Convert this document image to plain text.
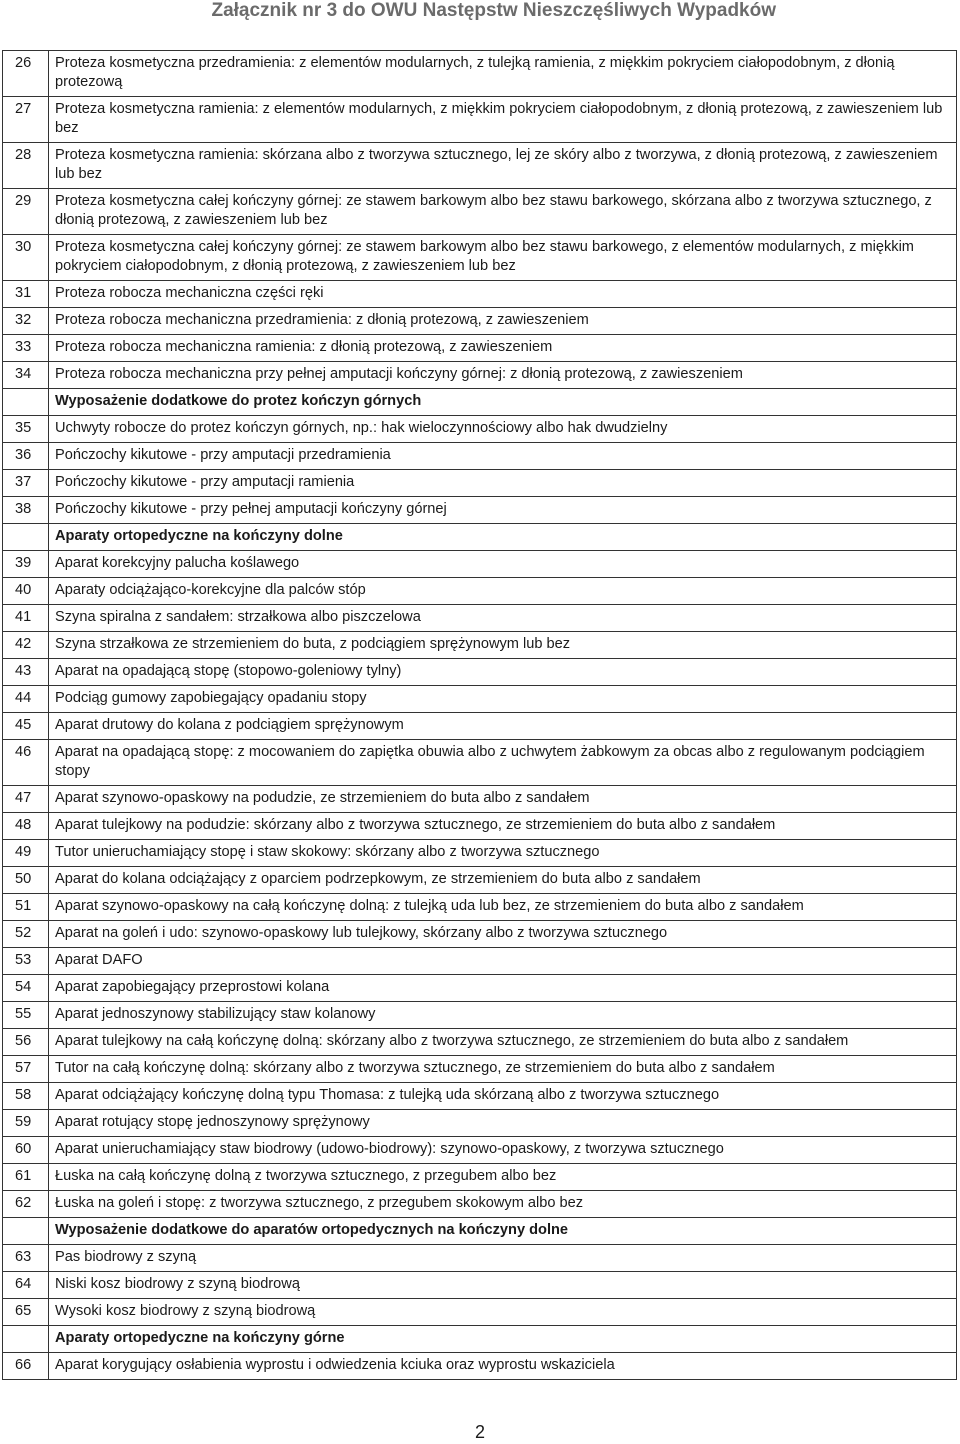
Załącznik nr 3 do OWU Następstw Nieszczęśliwych Wypadków
26	Proteza kosmetyczna przedramienia: z elementów modularnych, z tulejką ramienia, z miękkim pokryciem ciałopodobnym, z dłonią protezową
27	Proteza kosmetyczna ramienia: z elementów modularnych, z miękkim pokryciem ciałopodobnym, z dłonią protezową, z zawieszeniem lub bez
28	Proteza kosmetyczna ramienia: skórzana albo z tworzywa sztucznego, lej ze skóry albo z tworzywa, z dłonią protezową, z zawieszeniem lub bez
29	Proteza kosmetyczna całej kończyny górnej: ze stawem barkowym albo bez stawu barkowego, skórzana albo z tworzywa sztucznego, z dłonią protezową, z zawieszeniem lub bez
30	Proteza kosmetyczna całej kończyny górnej: ze stawem barkowym albo bez stawu barkowego, z elementów modularnych, z miękkim pokryciem ciałopodobnym, z dłonią protezową, z zawieszeniem lub bez
31	Proteza robocza mechaniczna części ręki
32	Proteza robocza mechaniczna przedramienia: z dłonią protezową, z zawieszeniem
33	Proteza robocza mechaniczna ramienia: z dłonią protezową, z zawieszeniem
34	Proteza robocza mechaniczna przy pełnej amputacji kończyny górnej: z dłonią protezową, z zawieszeniem
	Wyposażenie dodatkowe do protez kończyn górnych
35	Uchwyty robocze do protez kończyn górnych, np.: hak wieloczynnościowy albo hak dwudzielny
36	Pończochy kikutowe - przy amputacji przedramienia
37	Pończochy kikutowe - przy amputacji ramienia
38	Pończochy kikutowe - przy pełnej amputacji kończyny górnej
	Aparaty ortopedyczne na kończyny dolne
39	Aparat korekcyjny palucha koślawego
40	Aparaty odciążająco-korekcyjne dla palców stóp
41	Szyna spiralna z sandałem: strzałkowa albo piszczelowa
42	Szyna strzałkowa ze strzemieniem do buta, z podciągiem sprężynowym lub bez
43	Aparat na opadającą stopę (stopowo-goleniowy tylny)
44	Podciąg gumowy zapobiegający opadaniu stopy
45	Aparat drutowy do kolana z podciągiem sprężynowym
46	Aparat na opadającą stopę: z mocowaniem do zapiętka obuwia albo z uchwytem żabkowym za obcas albo z regulowanym podciągiem stopy
47	Aparat szynowo-opaskowy na podudzie, ze strzemieniem do buta albo z sandałem
48	Aparat tulejkowy na podudzie: skórzany albo z tworzywa sztucznego, ze strzemieniem do buta albo z sandałem
49	Tutor unieruchamiający stopę i staw skokowy: skórzany albo z tworzywa sztucznego
50	Aparat do kolana odciążający z oparciem podrzepkowym, ze strzemieniem do buta albo z sandałem
51	Aparat szynowo-opaskowy na całą kończynę dolną: z tulejką uda lub bez, ze strzemieniem do buta albo z sandałem
52	Aparat na goleń i udo: szynowo-opaskowy lub tulejkowy, skórzany albo z tworzywa sztucznego
53	Aparat DAFO
54	Aparat zapobiegający przeprostowi kolana
55	Aparat jednoszynowy stabilizujący staw kolanowy
56	Aparat tulejkowy na całą kończynę dolną: skórzany albo z tworzywa sztucznego, ze strzemieniem do buta albo z sandałem
57	Tutor na całą kończynę dolną: skórzany albo z tworzywa sztucznego, ze strzemieniem do buta albo z sandałem
58	Aparat odciążający kończynę dolną typu Thomasa: z tulejką uda skórzaną albo z tworzywa sztucznego
59	Aparat rotujący stopę jednoszynowy sprężynowy
60	Aparat unieruchamiający staw biodrowy (udowo-biodrowy): szynowo-opaskowy, z tworzywa sztucznego
61	Łuska na całą kończynę dolną z tworzywa sztucznego, z przegubem albo bez
62	Łuska na goleń i stopę: z tworzywa sztucznego, z przegubem skokowym albo bez
	Wyposażenie dodatkowe do aparatów ortopedycznych na kończyny dolne
63	Pas biodrowy z szyną
64	Niski kosz biodrowy z szyną biodrową
65	Wysoki kosz biodrowy z szyną biodrową
	Aparaty ortopedyczne na kończyny górne
66	Aparat korygujący osłabienia wyprostu i odwiedzenia kciuka oraz wyprostu wskaziciela
2
